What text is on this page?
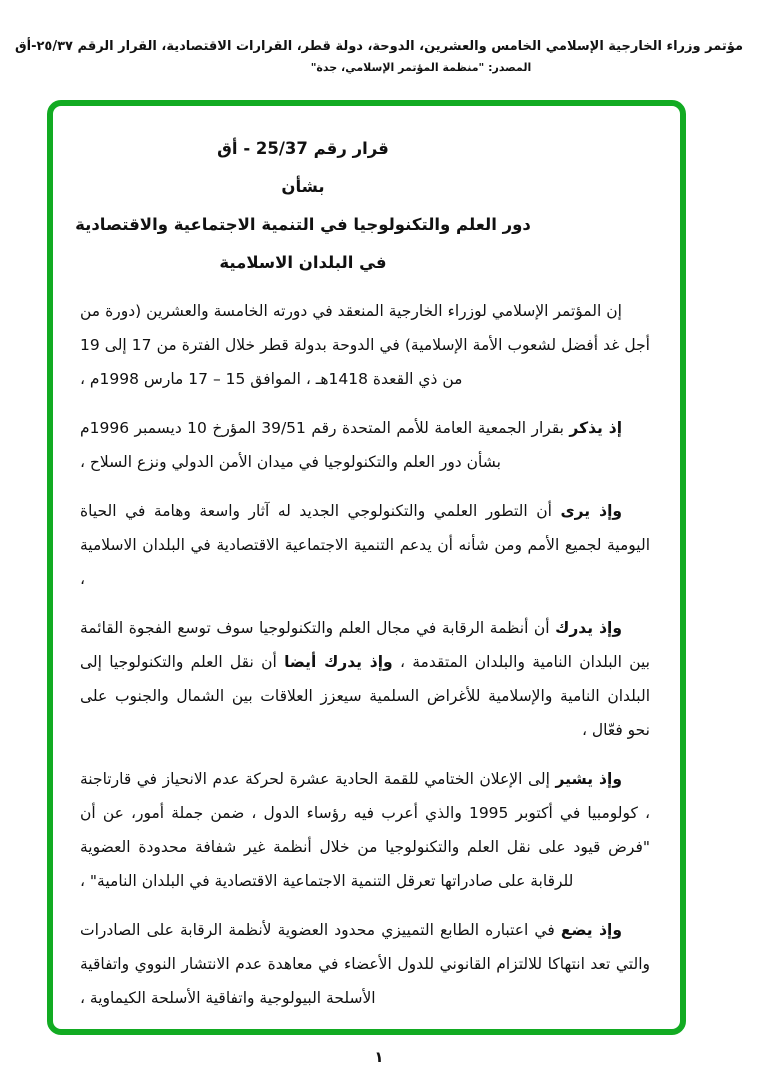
مؤتمر وزراء الخارجية الإسلامي الخامس والعشرين، الدوحة، دولة قطر، القرارات الاقتصادية، القرار الرقم ٢٥/٣٧-أق
المصدر: "منظمة المؤتمر الإسلامي، جدة"

قرار رقم 25/37 - أق

بشأن

دور العلم والتكنولوجيا في التنمية الاجتماعية والاقتصادية

في البلدان الاسلامية

إن المؤتمر الإسلامي لوزراء الخارجية المنعقد في دورته الخامسة والعشرين (دورة من أجل غد أفضل لشعوب الأمة الإسلامية) في الدوحة بدولة قطر خلال الفترة من 17 إلى 19 من ذي القعدة 1418هـ ، الموافق 15 – 17 مارس 1998م ،

إذ يذكر بقرار الجمعية العامة للأمم المتحدة رقم 39/51 المؤرخ 10 ديسمبر 1996م بشأن دور العلم والتكنولوجيا في ميدان الأمن الدولي ونزع السلاح ،

وإذ يرى أن التطور العلمي والتكنولوجي الجديد له آثار واسعة وهامة في الحياة اليومية لجميع الأمم ومن شأنه أن يدعم التنمية الاجتماعية الاقتصادية في البلدان الاسلامية ،

وإذ يدرك أن أنظمة الرقابة في مجال العلم والتكنولوجيا سوف توسع الفجوة القائمة بين البلدان النامية والبلدان المتقدمة ، وإذ يدرك أيضا أن نقل العلم والتكنولوجيا إلى البلدان النامية والإسلامية للأغراض السلمية سيعزز العلاقات بين الشمال والجنوب على نحو فعّال ،

وإذ يشير إلى الإعلان الختامي للقمة الحادية عشرة لحركة عدم الانحياز في قارتاجنة ، كولومبيا في أكتوبر 1995 والذي أعرب فيه رؤساء الدول ، ضمن جملة أمور، عن أن "فرض قيود على نقل العلم والتكنولوجيا من خلال أنظمة غير شفافة محدودة العضوية للرقابة على صادراتها تعرقل التنمية الاجتماعية الاقتصادية في البلدان النامية" ،

وإذ يضع في اعتباره الطابع التمييزي محدود العضوية لأنظمة الرقابة على الصادرات والتي تعد انتهاكا للالتزام القانوني للدول الأعضاء في معاهدة عدم الانتشار النووي واتفاقية الأسلحة البيولوجية واتفاقية الأسلحة الكيماوية ،

١
